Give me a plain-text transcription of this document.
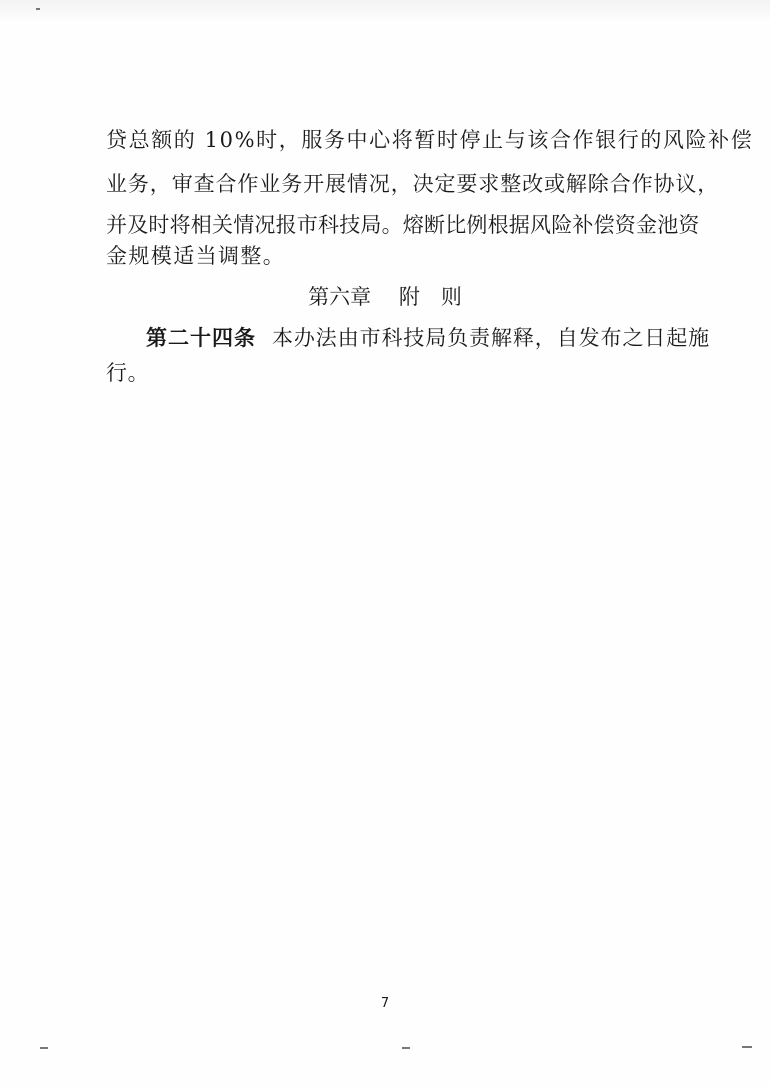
贷总额的 10%时，服务中心将暂时停止与该合作银行的风险补偿
业务，审查合作业务开展情况，决定要求整改或解除合作协议，
并及时将相关情况报市科技局。熔断比例根据风险补偿资金池资
金规模适当调整。
第六章　 附　则
第二十四条 本办法由市科技局负责解释，自发布之日起施
行。
7
